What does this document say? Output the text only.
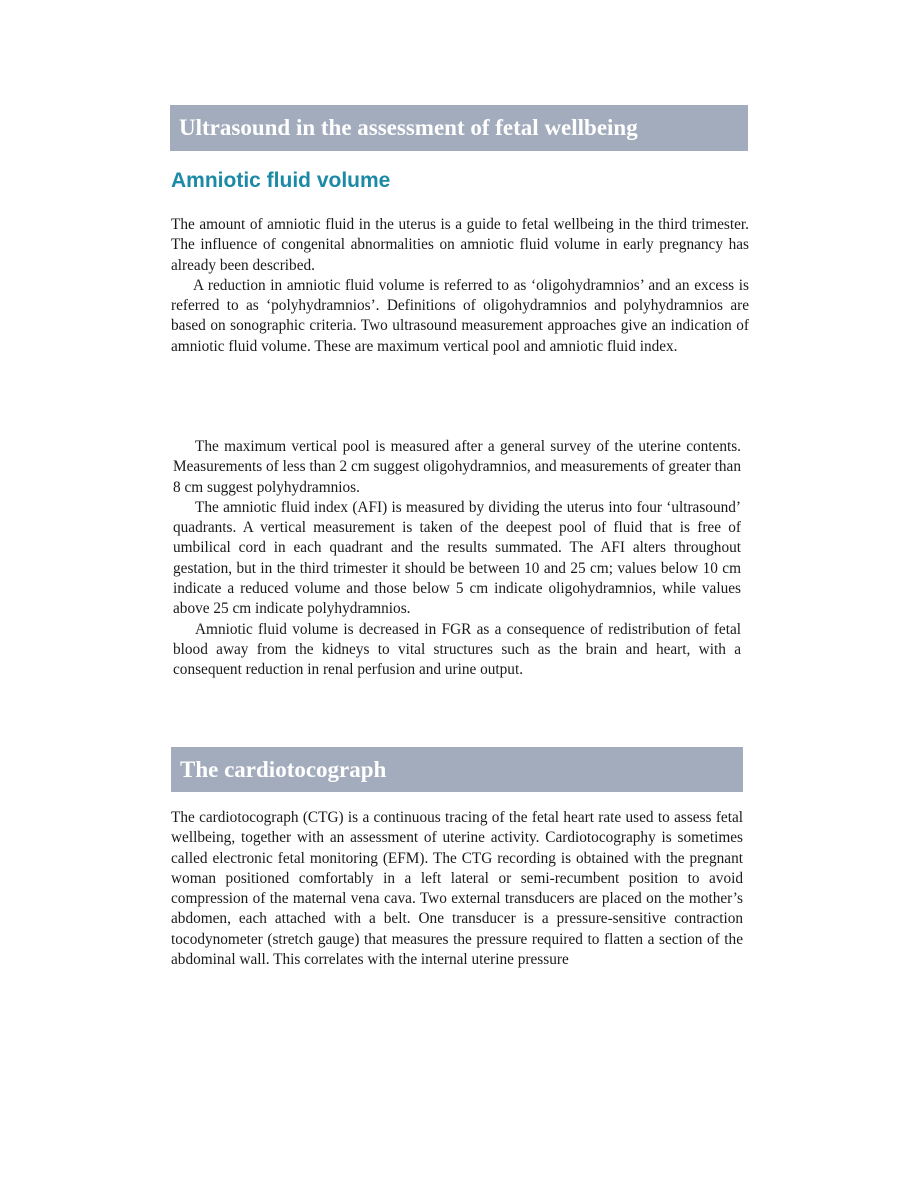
Ultrasound in the assessment of fetal wellbeing
Amniotic fluid volume

The amount of amniotic fluid in the uterus is a guide to fetal wellbeing in the third trimester. The influence of congenital abnormalities on amniotic fluid volume in early pregnancy has already been described.

A reduction in amniotic fluid volume is referred to as ‘oligohydramnios’ and an excess is referred to as ‘polyhydramnios’. Definitions of oligohydramnios and polyhydramnios are based on sonographic criteria. Two ultrasound measurement approaches give an indication of amniotic fluid volume. These are maximum vertical pool and amniotic fluid index.

The maximum vertical pool is measured after a general survey of the uterine contents. Measurements of less than 2 cm suggest oligohydramnios, and measurements of greater than 8 cm suggest polyhydramnios.

The amniotic fluid index (AFI) is measured by dividing the uterus into four ‘ultrasound’ quadrants. A vertical measurement is taken of the deepest pool of fluid that is free of umbilical cord in each quadrant and the results summated. The AFI alters throughout gestation, but in the third trimester it should be between 10 and 25 cm; values below 10 cm indicate a reduced volume and those below 5 cm indicate oligohydramnios, while values above 25 cm indicate polyhydramnios.

Amniotic fluid volume is decreased in FGR as a consequence of redistribution of fetal blood away from the kidneys to vital structures such as the brain and heart, with a consequent reduction in renal perfusion and urine output.

The cardiotocograph

The cardiotocograph (CTG) is a continuous tracing of the fetal heart rate used to assess fetal wellbeing, together with an assessment of uterine activity. Cardiotocography is sometimes called electronic fetal monitoring (EFM). The CTG recording is obtained with the pregnant woman positioned comfortably in a left lateral or semi-recumbent position to avoid compression of the maternal vena cava. Two external transducers are placed on the mother’s abdomen, each attached with a belt. One transducer is a pressure-sensitive contraction tocodynometer (stretch gauge) that measures the pressure required to flatten a section of the abdominal wall. This correlates with the internal uterine pressure
